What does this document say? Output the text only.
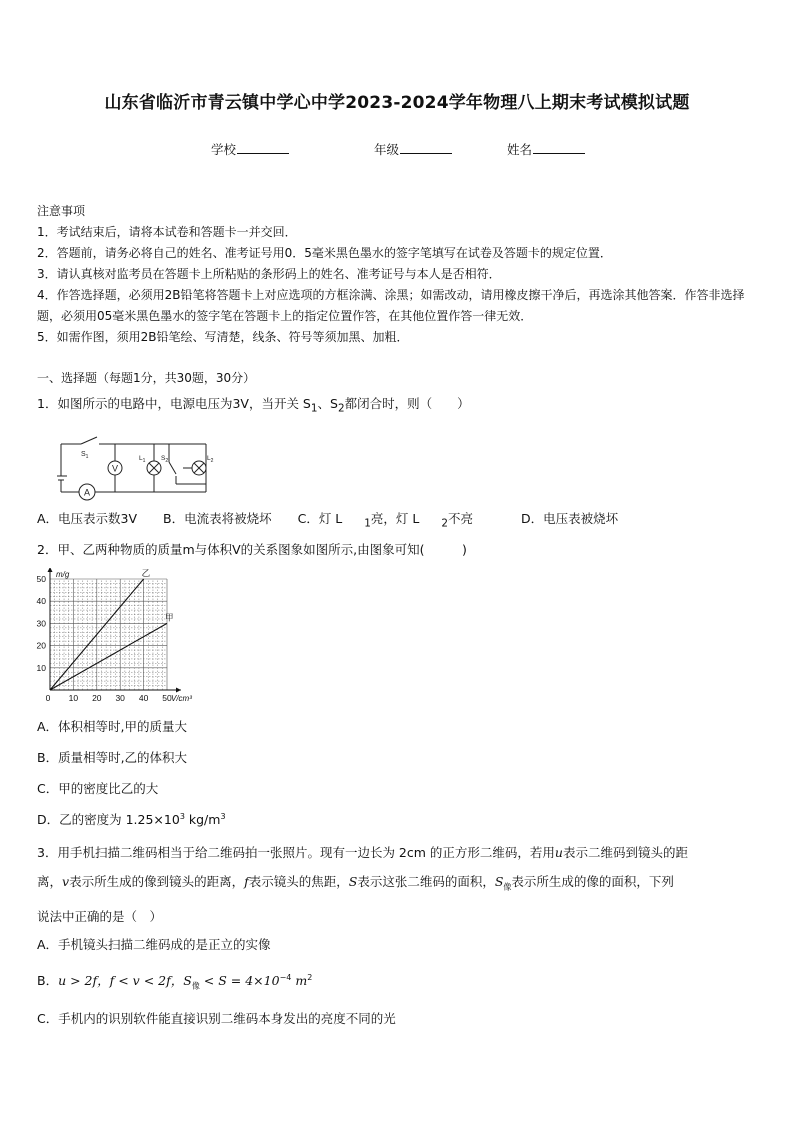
山东省临沂市青云镇中学心中学2023-2024学年物理八上期末考试模拟试题
学校	年级	姓名

注意事项

1．考试结束后，请将本试卷和答题卡一并交回．

2．答题前，请务必将自己的姓名、准考证号用0．5毫米黑色墨水的签字笔填写在试卷及答题卡的规定位置．

3．请认真核对监考员在答题卡上所粘贴的条形码上的姓名、准考证号与本人是否相符．

4．作答选择题，必须用2B铅笔将答题卡上对应选项的方框涂满、涂黑；如需改动，请用橡皮擦干净后，再选涂其他答案．作答非选择题，必须用05毫米黑色墨水的签字笔在答题卡上的指定位置作答，在其他位置作答一律无效．

5．如需作图，须用2B铅笔绘、写清楚，线条、符号等须加黑、加粗．

一、选择题（每题1分，共30题，30分）

1．如图所示的电路中，电源电压为3V，当开关 $S_1$、$S_2$都闭合时，则（　　）

V
A
$S_1$	$L_1$ $S_2$	$L_2$
A．电压表示数3V B．电流表将被烧坏 C．灯 L $_1$亮，灯 L $_2$不亮	D．电压表被烧坏

2．甲、乙两种物质的质量m与体积V的关系图象如图所示,由图象可知(　　　)

10 20 30 40 50
10
20
30
40
50
0
m/g
V/cm³
乙
甲
A．体积相等时,甲的质量大
B．质量相等时,乙的体积大
C．甲的密度比乙的大
D．乙的密度为 $1.25\times 10^3$ $kg/m^3$

3．用手机扫描二维码相当于给二维码拍一张照片。现有一边长为 2cm 的正方形二维码，若用u表示二维码到镜头的距

离，v表示所生成的像到镜头的距离，f表示镜头的焦距，S表示这张二维码的面积，$S_像$表示所生成的像的面积，下列

说法中正确的是（　）

A．手机镜头扫描二维码成的是正立的实像
B．u > 2f，f < v < 2f，$S_像 < S = 4\times 10^{-4}$ $m^2$
C．手机内的识别软件能直接识别二维码本身发出的亮度不同的光
